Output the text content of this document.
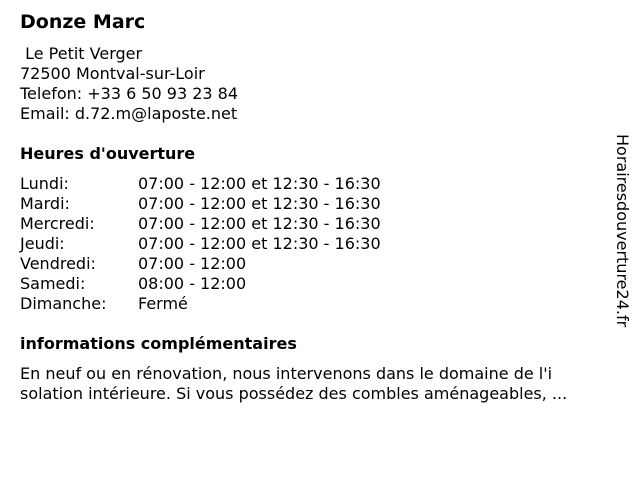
Donze Marc
Le Petit Verger
72500 Montval-sur-Loir
Telefon: +33 6 50 93 23 84
Email: d.72.m@laposte.net
Heures d'ouverture
Lundi:	07:00 - 12:00 et 12:30 - 16:30
Mardi:	07:00 - 12:00 et 12:30 - 16:30
Mercredi:	07:00 - 12:00 et 12:30 - 16:30
Jeudi:	07:00 - 12:00 et 12:30 - 16:30
Vendredi:	07:00 - 12:00
Samedi:	08:00 - 12:00
Dimanche:	Fermé
informations complémentaires
En neuf ou en rénovation, nous intervenons dans le domaine de l'i
solation intérieure. Si vous possédez des combles aménageables, ...
Horairesdouverture24.fr
